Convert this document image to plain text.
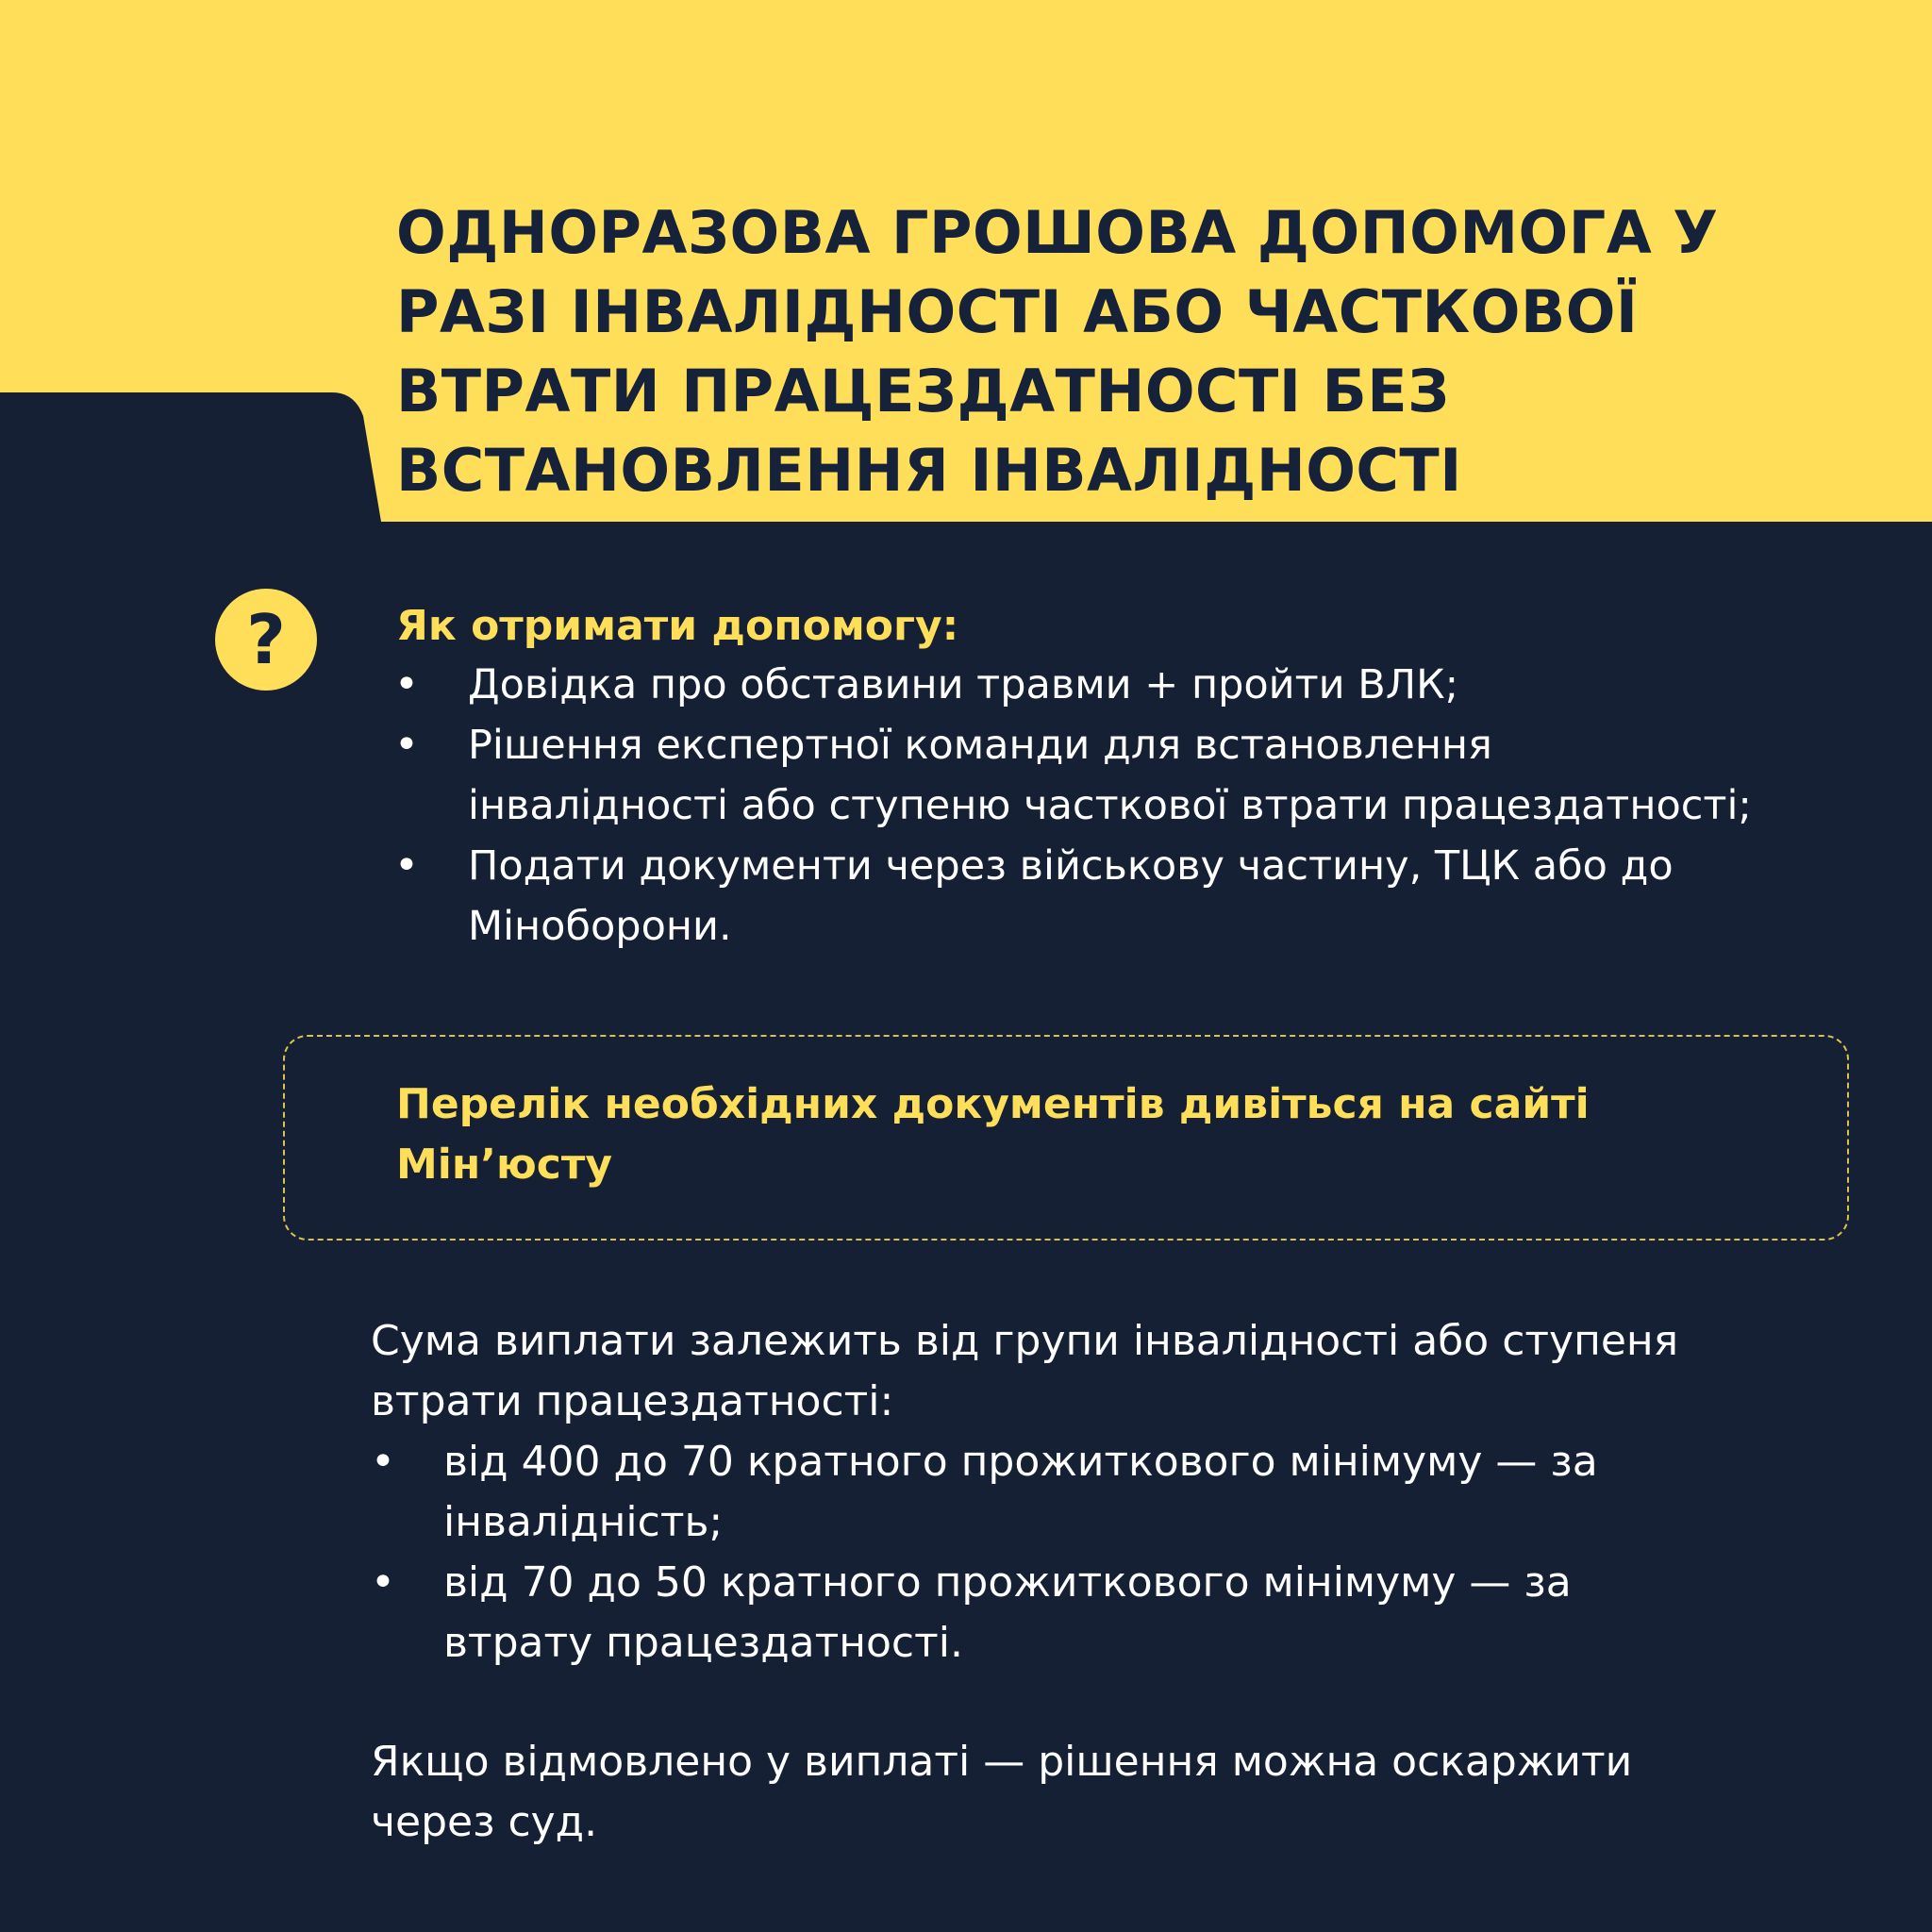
ОДНОРАЗОВА ГРОШОВА ДОПОМОГА У
РАЗІ ІНВАЛІДНОСТІ АБО ЧАСТКОВОЇ
ВТРАТИ ПРАЦЕЗДАТНОСТІ БЕЗ
ВСТАНОВЛЕННЯ ІНВАЛІДНОСТІ
?	Як отримати допомогу:
• Довідка про обставини травми + пройти ВЛК;
• Рішення експертної команди для встановлення
інвалідності або ступеню часткової втрати працездатності;
• Подати документи через військову частину, ТЦК або до
Міноборони.

Перелік необхідних документів дивіться на сайті
Мін’юсту

Сума виплати залежить від групи інвалідності або ступеня
втрати працездатності:

• від 400 до 70 кратного прожиткового мінімуму — за
інвалідність;
• від 70 до 50 кратного прожиткового мінімуму — за
втрату працездатності.

Якщо відмовлено у виплаті — рішення можна оскаржити
через суд.
